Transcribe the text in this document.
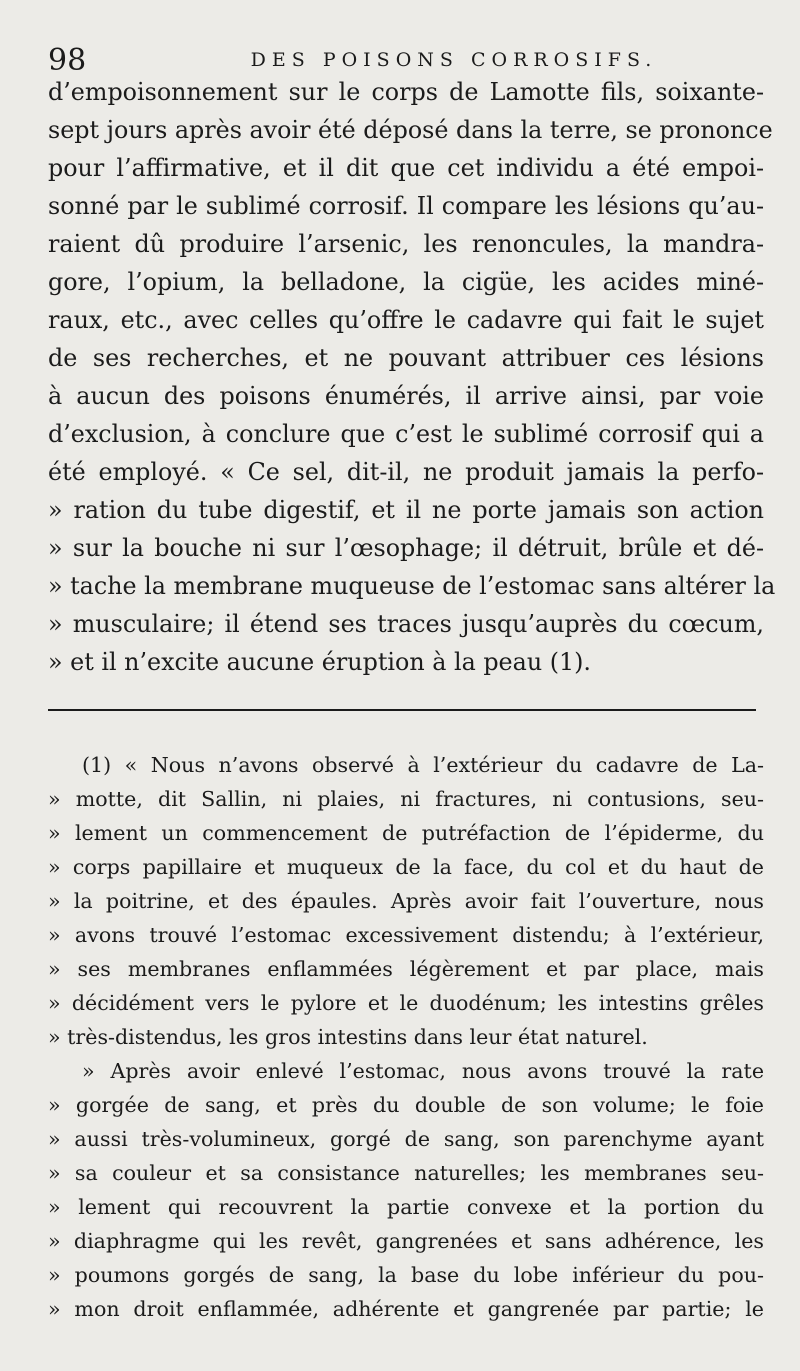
98	DES POISONS CORROSIFS.
d’empoisonnement sur le corps de Lamotte fils, soixante-
sept jours après avoir été déposé dans la terre, se prononce
pour l’affirmative, et il dit que cet individu a été empoi-
sonné par le sublimé corrosif. Il compare les lésions qu’au-
raient dû produire l’arsenic, les renoncules, la mandra-
gore, l’opium, la belladone, la cigüe, les acides miné-
raux, etc., avec celles qu’offre le cadavre qui fait le sujet
de ses recherches, et ne pouvant attribuer ces lésions
à aucun des poisons énumérés, il arrive ainsi, par voie
d’exclusion, à conclure que c’est le sublimé corrosif qui a
été employé. « Ce sel, dit-il, ne produit jamais la perfo-
» ration du tube digestif, et il ne porte jamais son action
» sur la bouche ni sur l’œsophage; il détruit, brûle et dé-
» tache la membrane muqueuse de l’estomac sans altérer la
» musculaire; il étend ses traces jusqu’auprès du cœcum,
» et il n’excite aucune éruption à la peau (1).
(1) « Nous n’avons observé à l’extérieur du cadavre de La-
» motte, dit Sallin, ni plaies, ni fractures, ni contusions, seu-
» lement un commencement de putréfaction de l’épiderme, du
» corps papillaire et muqueux de la face, du col et du haut de
» la poitrine, et des épaules. Après avoir fait l’ouverture, nous
» avons trouvé l’estomac excessivement distendu; à l’extérieur,
» ses membranes enflammées légèrement et par place, mais
» décidément vers le pylore et le duodénum; les intestins grêles
» très-distendus, les gros intestins dans leur état naturel.
» Après avoir enlevé l’estomac, nous avons trouvé la rate
» gorgée de sang, et près du double de son volume; le foie
» aussi très-volumineux, gorgé de sang, son parenchyme ayant
» sa couleur et sa consistance naturelles; les membranes seu-
» lement qui recouvrent la partie convexe et la portion du
» diaphragme qui les revêt, gangrenées et sans adhérence, les
» poumons gorgés de sang, la base du lobe inférieur du pou-
» mon droit enflammée, adhérente et gangrenée par partie; le
